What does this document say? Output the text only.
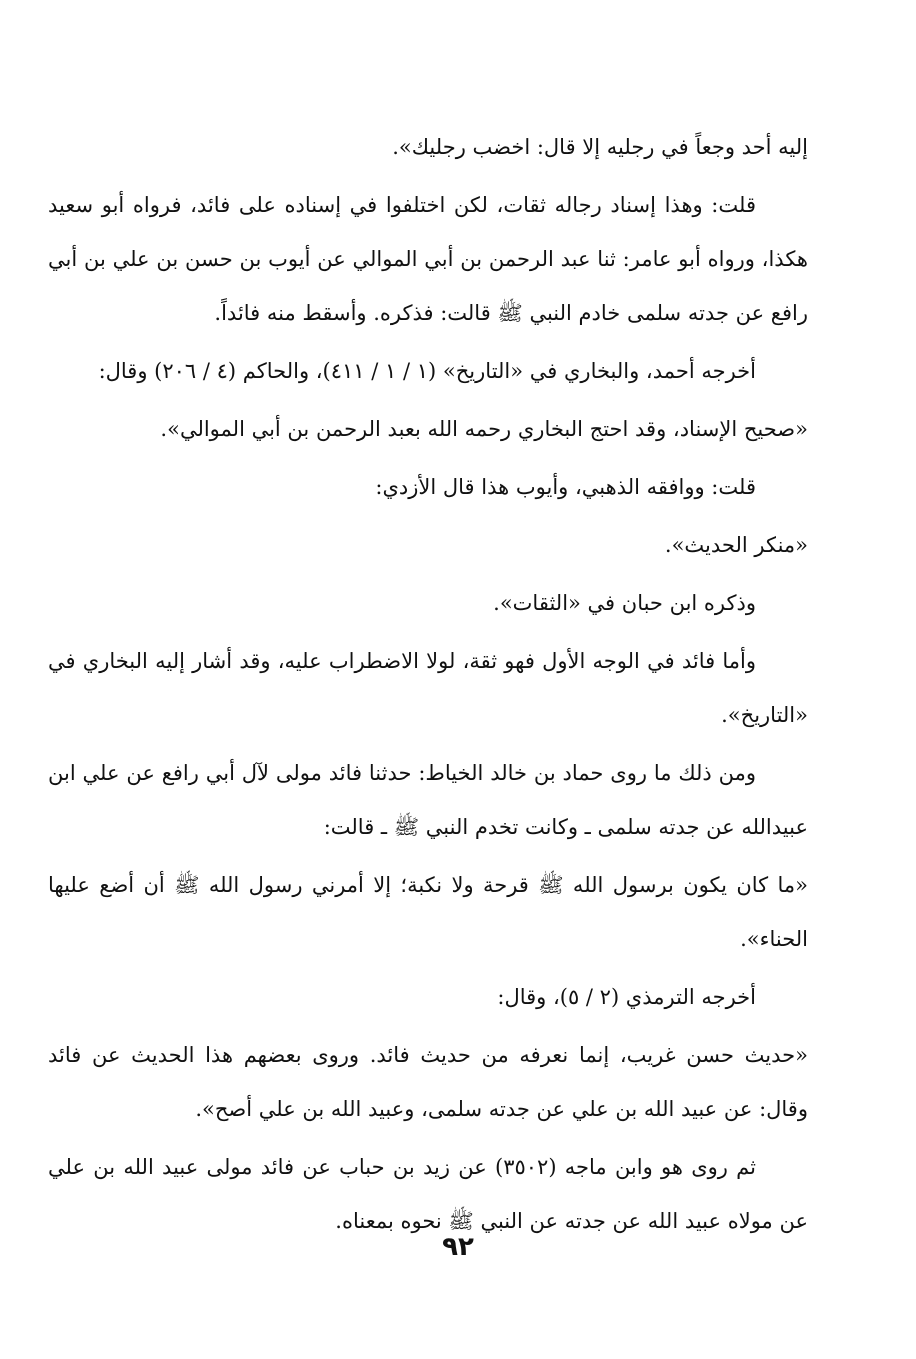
إليه أحد وجعاً في رجليه إلا قال: اخضب رجليك».

قلت: وهذا إسناد رجاله ثقات، لكن اختلفوا في إسناده على فائد، فرواه أبو سعيد هكذا، ورواه أبو عامر: ثنا عبد الرحمن بن أبي الموالي عن أيوب بن حسن بن علي بن أبي رافع عن جدته سلمى خادم النبي ﷺ قالت: فذكره. وأسقط منه فائداً.

أخرجه أحمد، والبخاري في «التاريخ» (١ / ١ / ٤١١)، والحاكم (٤ / ٢٠٦) وقال:

«صحيح الإسناد، وقد احتج البخاري رحمه الله بعبد الرحمن بن أبي الموالي».

قلت: ووافقه الذهبي، وأيوب هذا قال الأزدي:

«منكر الحديث».

وذكره ابن حبان في «الثقات».

وأما فائد في الوجه الأول فهو ثقة، لولا الاضطراب عليه، وقد أشار إليه البخاري في «التاريخ».

ومن ذلك ما روى حماد بن خالد الخياط: حدثنا فائد مولى لآل أبي رافع عن علي ابن عبيدالله عن جدته سلمى ـ وكانت تخدم النبي ﷺ ـ قالت:

«ما كان يكون برسول الله ﷺ قرحة ولا نكبة؛ إلا أمرني رسول الله ﷺ أن أضع عليها الحناء».

أخرجه الترمذي (٢ / ٥)، وقال:

«حديث حسن غريب، إنما نعرفه من حديث فائد. وروى بعضهم هذا الحديث عن فائد وقال: عن عبيد الله بن علي عن جدته سلمى، وعبيد الله بن علي أصح».

ثم روى هو وابن ماجه (٣٥٠٢) عن زيد بن حباب عن فائد مولى عبيد الله بن علي عن مولاه عبيد الله عن جدته عن النبي ﷺ نحوه بمعناه.

٩٢
